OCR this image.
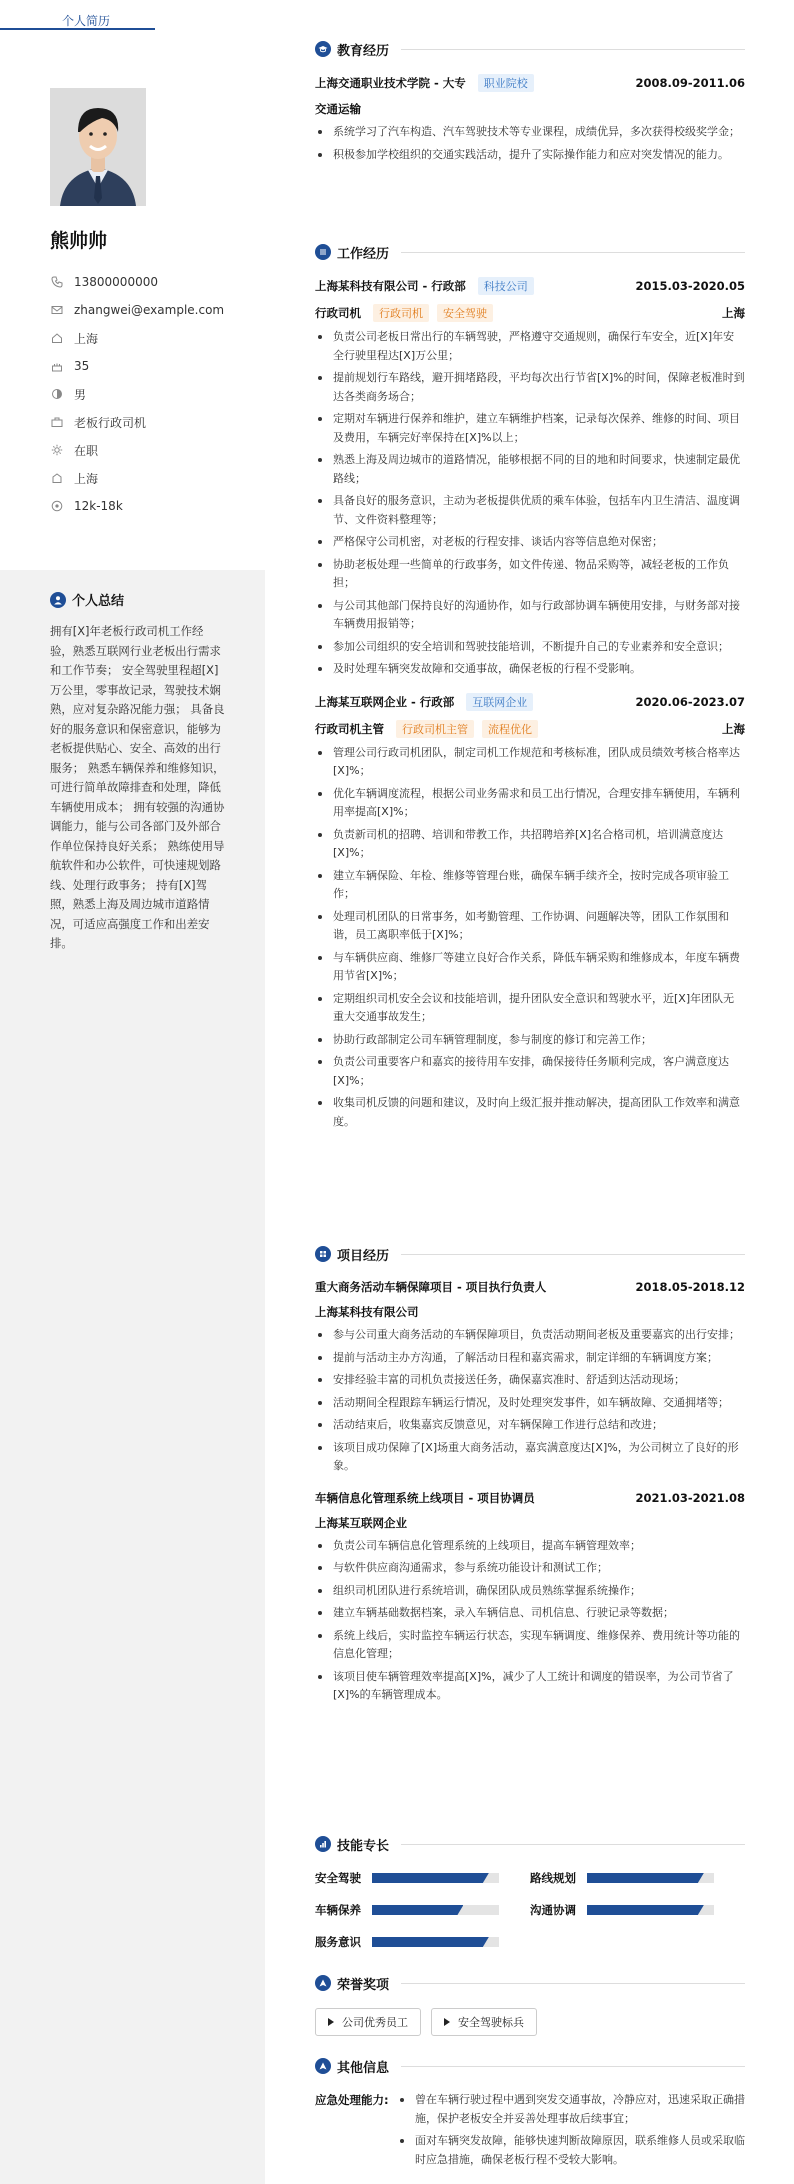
个人简历
熊帅帅
13800000000
zhangwei@example.com
上海
35
男
老板行政司机
在职
上海
12k-18k
个人总结
拥有[X]年老板行政司机工作经验，熟悉互联网行业老板出行需求和工作节奏； 安全驾驶里程超[X]万公里，零事故记录，驾驶技术娴熟，应对复杂路况能力强； 具备良好的服务意识和保密意识，能够为老板提供贴心、安全、高效的出行服务； 熟悉车辆保养和维修知识，可进行简单故障排查和处理，降低车辆使用成本； 拥有较强的沟通协调能力，能与公司各部门及外部合作单位保持良好关系； 熟练使用导航软件和办公软件，可快速规划路线、处理行政事务； 持有[X]驾照，熟悉上海及周边城市道路情况，可适应高强度工作和出差安排。
教育经历
上海交通职业技术学院 - 大专 职业院校	2008.09-2011.06
交通运输
系统学习了汽车构造、汽车驾驶技术等专业课程，成绩优异，多次获得校级奖学金；
积极参加学校组织的交通实践活动，提升了实际操作能力和应对突发情况的能力。
工作经历
上海某科技有限公司 - 行政部 科技公司	2015.03-2020.05
行政司机 行政司机 安全驾驶	上海
负责公司老板日常出行的车辆驾驶，严格遵守交通规则，确保行车安全，近[X]年安全行驶里程达[X]万公里；
提前规划行车路线，避开拥堵路段，平均每次出行节省[X]%的时间，保障老板准时到达各类商务场合；
定期对车辆进行保养和维护，建立车辆维护档案，记录每次保养、维修的时间、项目及费用，车辆完好率保持在[X]%以上；
熟悉上海及周边城市的道路情况，能够根据不同的目的地和时间要求，快速制定最优路线；
具备良好的服务意识，主动为老板提供优质的乘车体验，包括车内卫生清洁、温度调节、文件资料整理等；
严格保守公司机密，对老板的行程安排、谈话内容等信息绝对保密；
协助老板处理一些简单的行政事务，如文件传递、物品采购等，减轻老板的工作负担；
与公司其他部门保持良好的沟通协作，如与行政部协调车辆使用安排，与财务部对接车辆费用报销等；
参加公司组织的安全培训和驾驶技能培训，不断提升自己的专业素养和安全意识；
及时处理车辆突发故障和交通事故，确保老板的行程不受影响。
上海某互联网企业 - 行政部 互联网企业	2020.06-2023.07
行政司机主管 行政司机主管 流程优化	上海
管理公司行政司机团队，制定司机工作规范和考核标准，团队成员绩效考核合格率达[X]%；
优化车辆调度流程，根据公司业务需求和员工出行情况，合理安排车辆使用，车辆利用率提高[X]%；
负责新司机的招聘、培训和带教工作，共招聘培养[X]名合格司机，培训满意度达[X]%；
建立车辆保险、年检、维修等管理台账，确保车辆手续齐全，按时完成各项审验工作；
处理司机团队的日常事务，如考勤管理、工作协调、问题解决等，团队工作氛围和谐，员工离职率低于[X]%；
与车辆供应商、维修厂等建立良好合作关系，降低车辆采购和维修成本，年度车辆费用节省[X]%；
定期组织司机安全会议和技能培训，提升团队安全意识和驾驶水平，近[X]年团队无重大交通事故发生；
协助行政部制定公司车辆管理制度，参与制度的修订和完善工作；
负责公司重要客户和嘉宾的接待用车安排，确保接待任务顺利完成，客户满意度达[X]%；
收集司机反馈的问题和建议，及时向上级汇报并推动解决，提高团队工作效率和满意度。
项目经历
重大商务活动车辆保障项目 - 项目执行负责人	2018.05-2018.12
上海某科技有限公司
参与公司重大商务活动的车辆保障项目，负责活动期间老板及重要嘉宾的出行安排；
提前与活动主办方沟通，了解活动日程和嘉宾需求，制定详细的车辆调度方案；
安排经验丰富的司机负责接送任务，确保嘉宾准时、舒适到达活动现场；
活动期间全程跟踪车辆运行情况，及时处理突发事件，如车辆故障、交通拥堵等；
活动结束后，收集嘉宾反馈意见，对车辆保障工作进行总结和改进；
该项目成功保障了[X]场重大商务活动，嘉宾满意度达[X]%，为公司树立了良好的形象。
车辆信息化管理系统上线项目 - 项目协调员	2021.03-2021.08
上海某互联网企业
负责公司车辆信息化管理系统的上线项目，提高车辆管理效率；
与软件供应商沟通需求，参与系统功能设计和测试工作；
组织司机团队进行系统培训，确保团队成员熟练掌握系统操作；
建立车辆基础数据档案，录入车辆信息、司机信息、行驶记录等数据；
系统上线后，实时监控车辆运行状态，实现车辆调度、维修保养、费用统计等功能的信息化管理；
该项目使车辆管理效率提高[X]%，减少了人工统计和调度的错误率，为公司节省了[X]%的车辆管理成本。
技能专长
安全驾驶	路线规划
车辆保养	沟通协调
服务意识
荣誉奖项
公司优秀员工	安全驾驶标兵
其他信息
应急处理能力:	曾在车辆行驶过程中遇到突发交通事故，冷静应对，迅速采取正确措施，保护老板安全并妥善处理事故后续事宜；
面对车辆突发故障，能够快速判断故障原因，联系维修人员或采取临时应急措施，确保老板行程不受较大影响。
